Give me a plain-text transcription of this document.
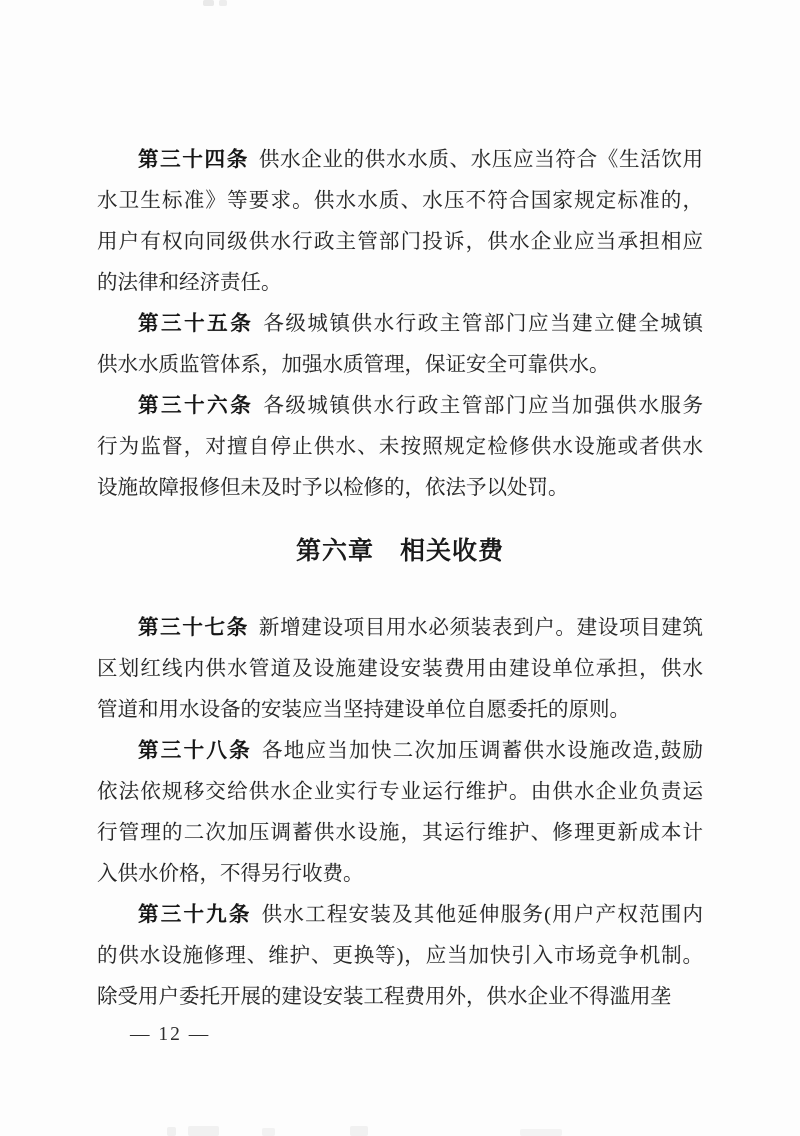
第三十四条 供水企业的供水水质、水压应当符合《生活饮用
水卫生标准》等要求。供水水质、水压不符合国家规定标准的，
用户有权向同级供水行政主管部门投诉，供水企业应当承担相应
的法律和经济责任。
第三十五条 各级城镇供水行政主管部门应当建立健全城镇
供水水质监管体系，加强水质管理，保证安全可靠供水。
第三十六条 各级城镇供水行政主管部门应当加强供水服务
行为监督，对擅自停止供水、未按照规定检修供水设施或者供水
设施故障报修但未及时予以检修的，依法予以处罚。
第六章　相关收费
第三十七条 新增建设项目用水必须装表到户。建设项目建筑
区划红线内供水管道及设施建设安装费用由建设单位承担，供水
管道和用水设备的安装应当坚持建设单位自愿委托的原则。
第三十八条 各地应当加快二次加压调蓄供水设施改造,鼓励
依法依规移交给供水企业实行专业运行维护。由供水企业负责运
行管理的二次加压调蓄供水设施，其运行维护、修理更新成本计
入供水价格，不得另行收费。
第三十九条 供水工程安装及其他延伸服务(用户产权范围内
的供水设施修理、维护、更换等)，应当加快引入市场竞争机制。
除受用户委托开展的建设安装工程费用外，供水企业不得滥用垄
— 12 —
